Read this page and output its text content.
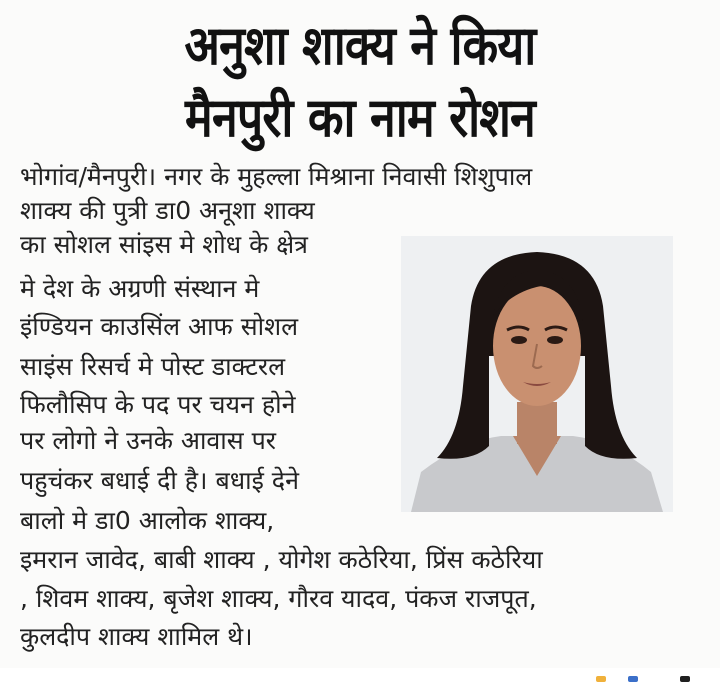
अनुशा शाक्य ने किया
मैनपुरी का नाम रोशन
भोगांव/मैनपुरी। नगर के मुहल्ला मिश्राना निवासी शिशुपाल
शाक्य की पुत्री डा0 अनूशा शाक्य
का सोशल सांइस मे शोध के क्षेत्र
मे देश के अग्रणी संस्थान मे
इंण्डियन काउसिंल आफ सोशल
साइंस रिसर्च मे पोस्ट डाक्टरल
फिलौसिप के पद पर चयन होने
पर लोगो ने उनके आवास पर
पहुचंकर बधाई दी है। बधाई देने
बालो मे डा0 आलोक शाक्य,
इमरान जावेद, बाबी शाक्य , योगेश कठेरिया, प्रिंस कठेरिया
, शिवम शाक्य, बृजेश शाक्य, गौरव यादव, पंकज राजपूत,
कुलदीप शाक्य शामिल थे।
